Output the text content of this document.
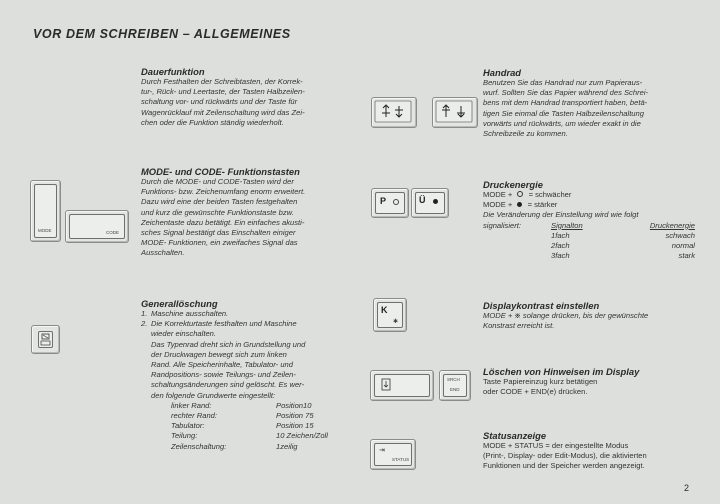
VOR DEM SCHREIBEN – ALLGEMEINES
Dauerfunktion
Durch Festhalten der Schreibtasten, der Korrek-
tur-, Rück- und Leertaste, der Tasten Halbzeilen-
schaltung vor- und rückwärts und der Taste für
Wagenrücklauf mit Zeilenschaltung wird das Zei-
chen oder die Funktion ständig wiederholt.
MODE	CODE
MODE- und CODE- Funktionstasten
Durch die MODE- und CODE-Tasten wird der
Funktions- bzw. Zeichenumfang enorm erweitert.
Dazu wird eine der beiden Tasten festgehalten
und kurz die gewünschte Funktionstaste bzw.
Zeichentaste dazu betätigt. Ein einfaches akusti-
sches Signal bestätigt das Einschalten einiger
MODE- Funktionen, ein zweifaches Signal das
Ausschalten.
Generallöschung
1. Maschine ausschalten.
2. Die Korrekturtaste festhalten und Maschine
wieder einschalten.
Das Typenrad dreht sich in Grundstellung und
der Druckwagen bewegt sich zum linken
Rand. Alle Speicherinhalte, Tabulator- und
Randpositions- sowie Teilungs- und Zeilen-
schaltungsänderungen sind gelöscht. Es wer-
den folgende Grundwerte eingestellt:
linker Rand:	Position10
rechter Rand:	Position 75
Tabulator:	Position 15
Teilung:	10 Zeichen/Zoll
Zeilenschaltung:	1zeilig
Handrad
Benutzen Sie das Handrad nur zum Papieraus-
wurf. Sollten Sie das Papier während des Schrei-
bens mit dem Handrad transportiert haben, betä-
tigen Sie einmal die Tasten Halbzeilenschaltung
vorwärts und rückwärts, um wieder exakt in die
Schreibzeile zu kommen.
P	Ü
Druckenergie
MODE + = schwächer
MODE + = stärker
Die Veränderung der Einstellung wird wie folgt
signalisiert:	Signalton	Druckenergie
1fach	schwach
2fach	normal
3fach	stark
K
✱
Displaykontrast einstellen
MODE + ※ solange drücken, bis der gewünschte
Konstrast erreicht ist.
SRCH
END
Löschen von Hinweisen im Display
Taste Papiereinzug kurz betätigen
oder CODE + END(e) drücken.
⇥
STATUS
Statusanzeige
MODE + STATUS = der eingestellte Modus
(Print-, Display- oder Edit-Modus), die aktivierten
Funktionen und der Speicher werden angezeigt.
2
